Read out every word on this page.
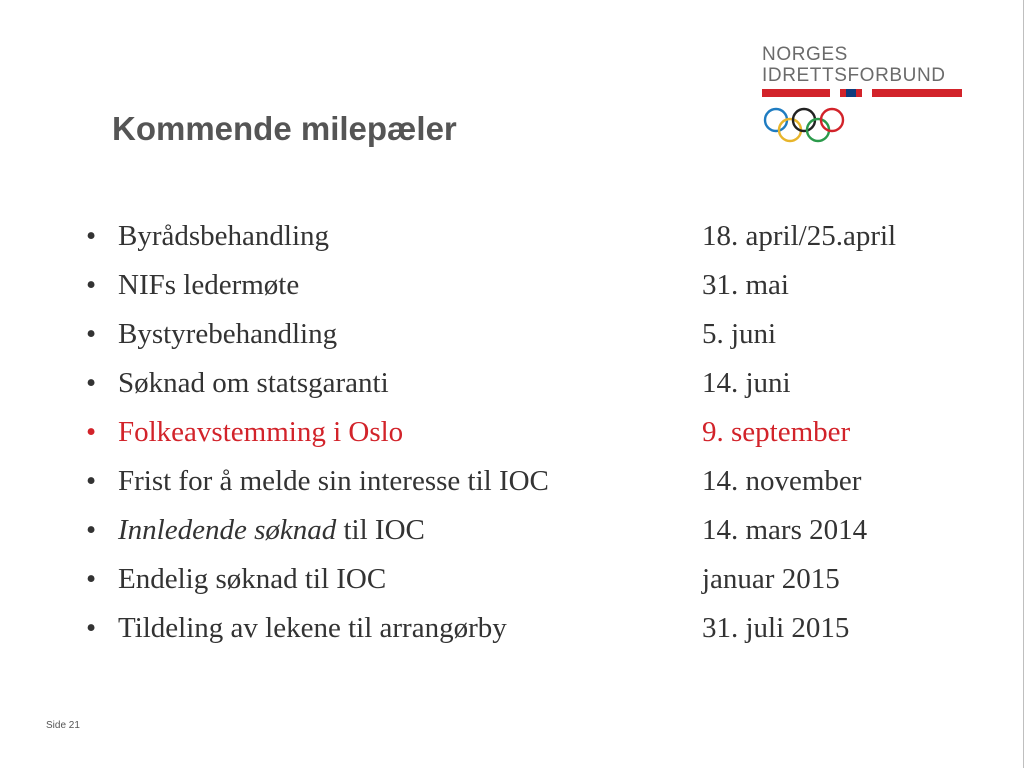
NORGES
IDRETTSFORBUND
Kommende milepæler
• Byrådsbehandling	18. april/25.april
• NIFs ledermøte	31. mai
• Bystyrebehandling	5. juni
• Søknad om statsgaranti	14. juni
• Folkeavstemming i Oslo	9. september
• Frist for å melde sin interesse til IOC	14. november
• Innledende søknad til IOC	14. mars 2014
• Endelig søknad til IOC	januar 2015
• Tildeling av lekene til arrangørby	31. juli 2015
Side 21
